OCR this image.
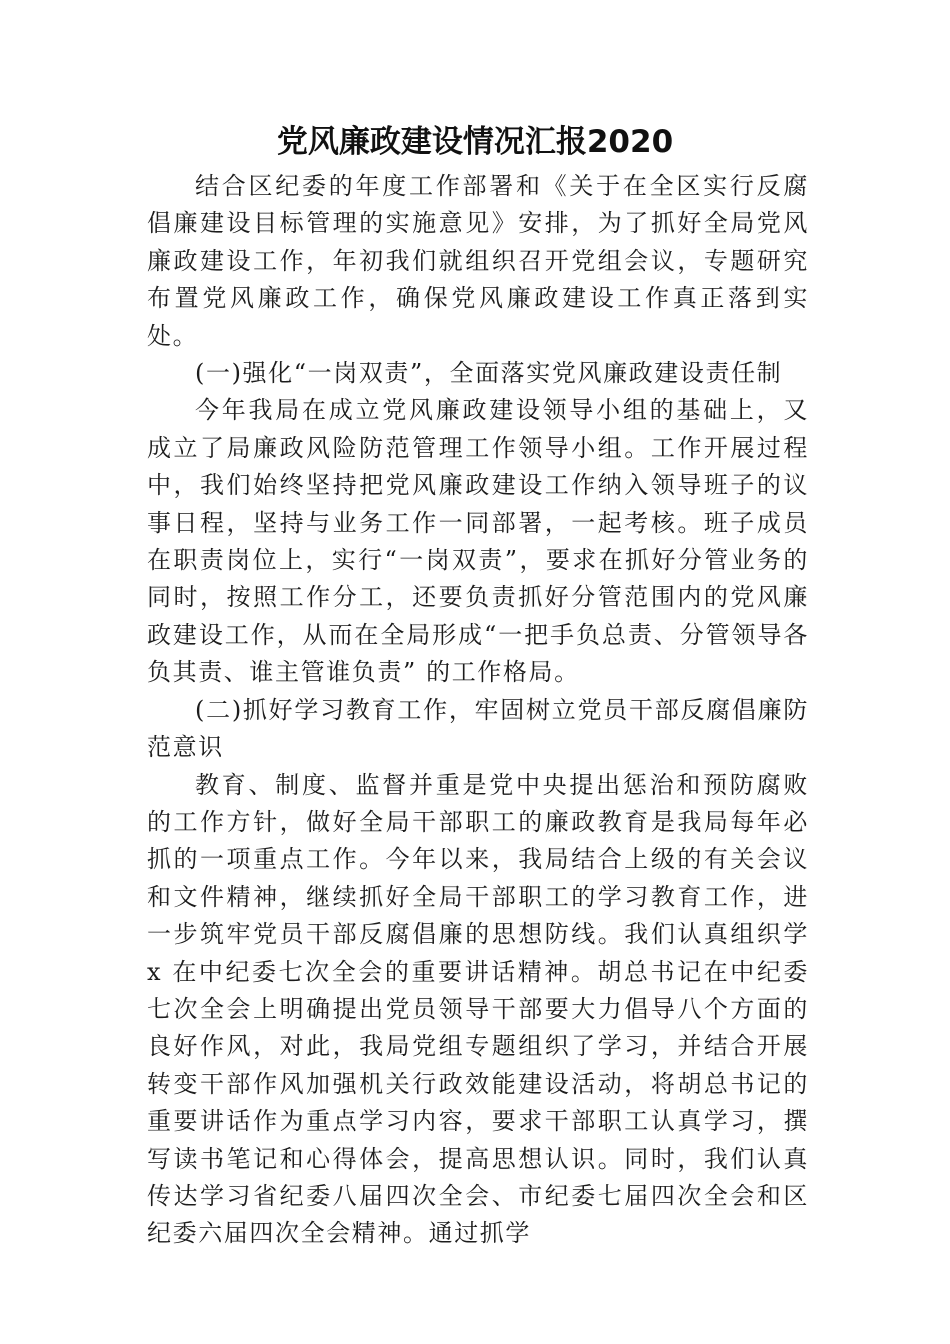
党风廉政建设情况汇报2020

结合区纪委的年度工作部署和《关于在全区实行反腐倡廉建设目标管理的实施意见》安排，为了抓好全局党风廉政建设工作，年初我们就组织召开党组会议，专题研究布置党风廉政工作，确保党风廉政建设工作真正落到实处。

(一)强化“一岗双责”，全面落实党风廉政建设责任制

今年我局在成立党风廉政建设领导小组的基础上，又成立了局廉政风险防范管理工作领导小组。工作开展过程中，我们始终坚持把党风廉政建设工作纳入领导班子的议事日程，坚持与业务工作一同部署，一起考核。班子成员在职责岗位上，实行“一岗双责”，要求在抓好分管业务的同时，按照工作分工，还要负责抓好分管范围内的党风廉政建设工作，从而在全局形成“一把手负总责、分管领导各负其责、谁主管谁负责” 的工作格局。

(二)抓好学习教育工作，牢固树立党员干部反腐倡廉防范意识

教育、制度、监督并重是党中央提出惩治和预防腐败的工作方针，做好全局干部职工的廉政教育是我局每年必抓的一项重点工作。今年以来，我局结合上级的有关会议和文件精神，继续抓好全局干部职工的学习教育工作，进一步筑牢党员干部反腐倡廉的思想防线。我们认真组织学 x 在中纪委七次全会的重要讲话精神。胡总书记在中纪委七次全会上明确提出党员领导干部要大力倡导八个方面的良好作风，对此，我局党组专题组织了学习，并结合开展转变干部作风加强机关行政效能建设活动，将胡总书记的重要讲话作为重点学习内容，要求干部职工认真学习，撰写读书笔记和心得体会，提高思想认识。同时，我们认真传达学习省纪委八届四次全会、市纪委七届四次全会和区纪委六届四次全会精神。通过抓学
